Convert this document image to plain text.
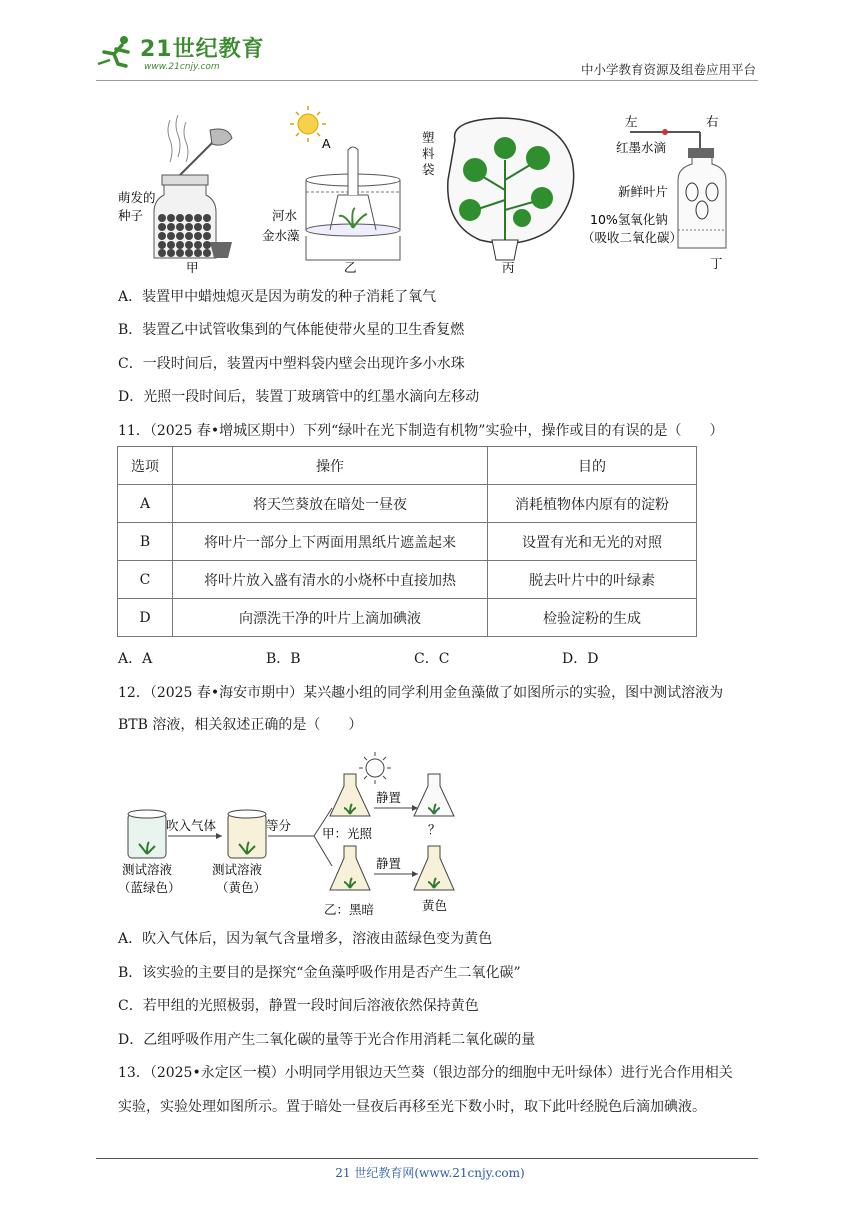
21世纪教育
www.21cnjy.com	中小学教育资源及组卷应用平台
A
河水
金水藻
塑
料
袋
左	右
红墨水滴
新鲜叶片
10%氢氧化钠
（吸收二氧化碳）
萌发的
种子
甲	乙	丙	丁
A．装置甲中蜡烛熄灭是因为萌发的种子消耗了氧气
B．装置乙中试管收集到的气体能使带火星的卫生香复燃
C．一段时间后，装置丙中塑料袋内壁会出现许多小水珠
D．光照一段时间后，装置丁玻璃管中的红墨水滴向左移动
11．（2025 春•增城区期中）下列“绿叶在光下制造有机物”实验中，操作或目的有误的是（　　）
选项	操作	目的
A	将天竺葵放在暗处一昼夜	消耗植物体内原有的淀粉
B	将叶片一部分上下两面用黑纸片遮盖起来	设置有光和无光的对照
C	将叶片放入盛有清水的小烧杯中直接加热	脱去叶片中的叶绿素
D	向漂洗干净的叶片上滴加碘液	检验淀粉的生成
A．A	B．B	C．C	D．D
12．（2025 春•海安市期中）某兴趣小组的同学利用金鱼藻做了如图所示的实验，图中测试溶液为
BTB 溶液，相关叙述正确的是（　　）
吹入气体	等分
测试溶液
（蓝绿色）
测试溶液
（黄色）
甲：光照
乙：黑暗
静置
静置
？
黄色
A．吹入气体后，因为氧气含量增多，溶液由蓝绿色变为黄色
B．该实验的主要目的是探究“金鱼藻呼吸作用是否产生二氧化碳”
C．若甲组的光照极弱，静置一段时间后溶液依然保持黄色
D．乙组呼吸作用产生二氧化碳的量等于光合作用消耗二氧化碳的量
13．（2025•永定区一模）小明同学用银边天竺葵（银边部分的细胞中无叶绿体）进行光合作用相关
实验，实验处理如图所示。置于暗处一昼夜后再移至光下数小时，取下此叶经脱色后滴加碘液。
21 世纪教育网(www.21cnjy.com)
